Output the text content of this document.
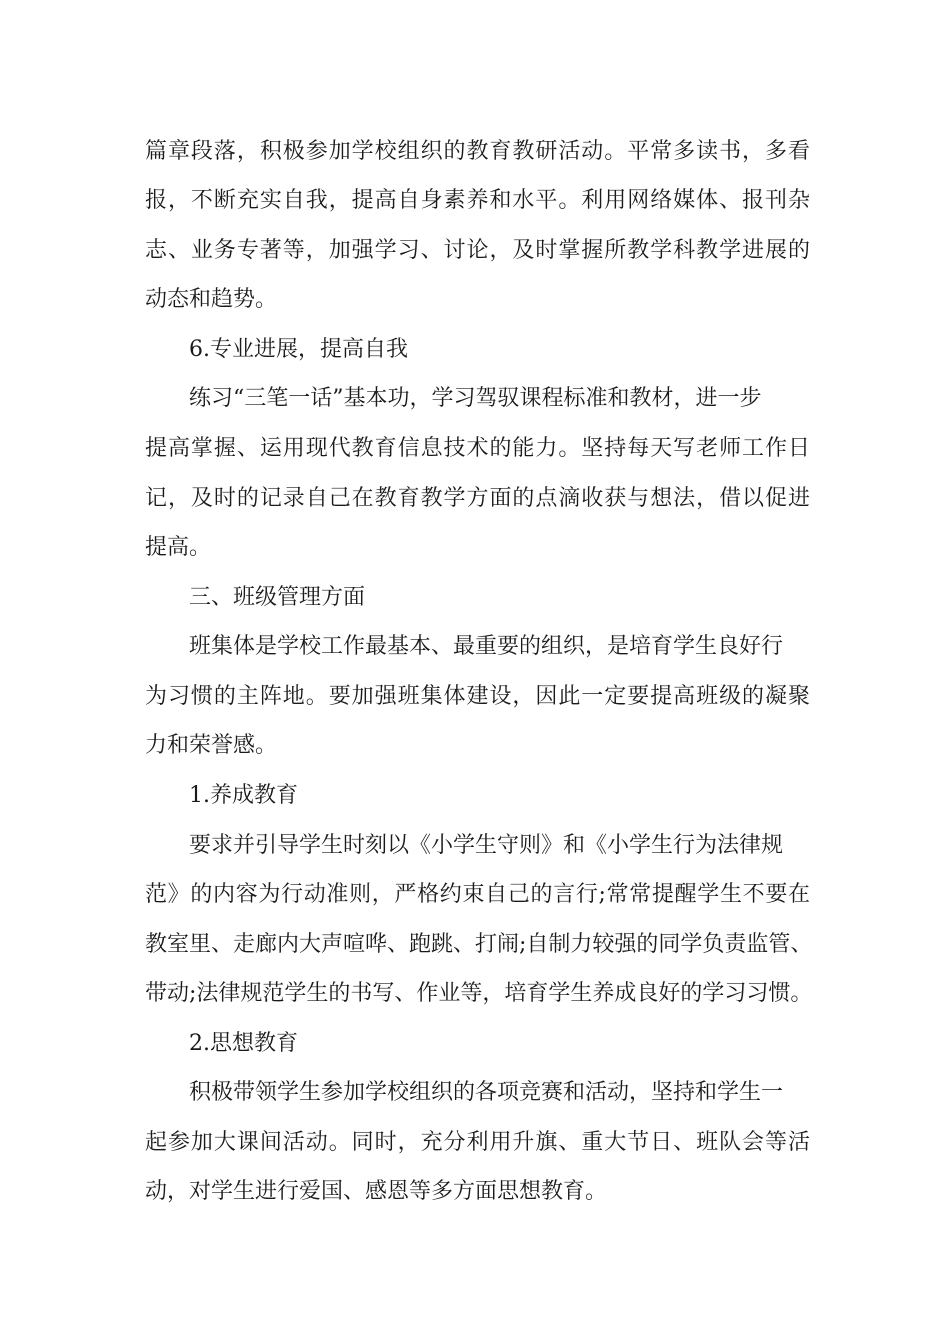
篇章段落，积极参加学校组织的教育教研活动。平常多读书，多看
报，不断充实自我，提高自身素养和水平。利用网络媒体、报刊杂
志、业务专著等，加强学习、讨论，及时掌握所教学科教学进展的
动态和趋势。
6.专业进展，提高自我
练习“三笔一话”基本功，学习驾驭课程标准和教材，进一步
提高掌握、运用现代教育信息技术的能力。坚持每天写老师工作日
记，及时的记录自己在教育教学方面的点滴收获与想法，借以促进
提高。
三、班级管理方面
班集体是学校工作最基本、最重要的组织，是培育学生良好行
为习惯的主阵地。要加强班集体建设，因此一定要提高班级的凝聚
力和荣誉感。
1.养成教育
要求并引导学生时刻以《小学生守则》和《小学生行为法律规
范》的内容为行动准则，严格约束自己的言行;常常提醒学生不要在
教室里、走廊内大声喧哗、跑跳、打闹;自制力较强的同学负责监管、
带动;法律规范学生的书写、作业等，培育学生养成良好的学习习惯。
2.思想教育
积极带领学生参加学校组织的各项竞赛和活动，坚持和学生一
起参加大课间活动。同时，充分利用升旗、重大节日、班队会等活
动，对学生进行爱国、感恩等多方面思想教育。
